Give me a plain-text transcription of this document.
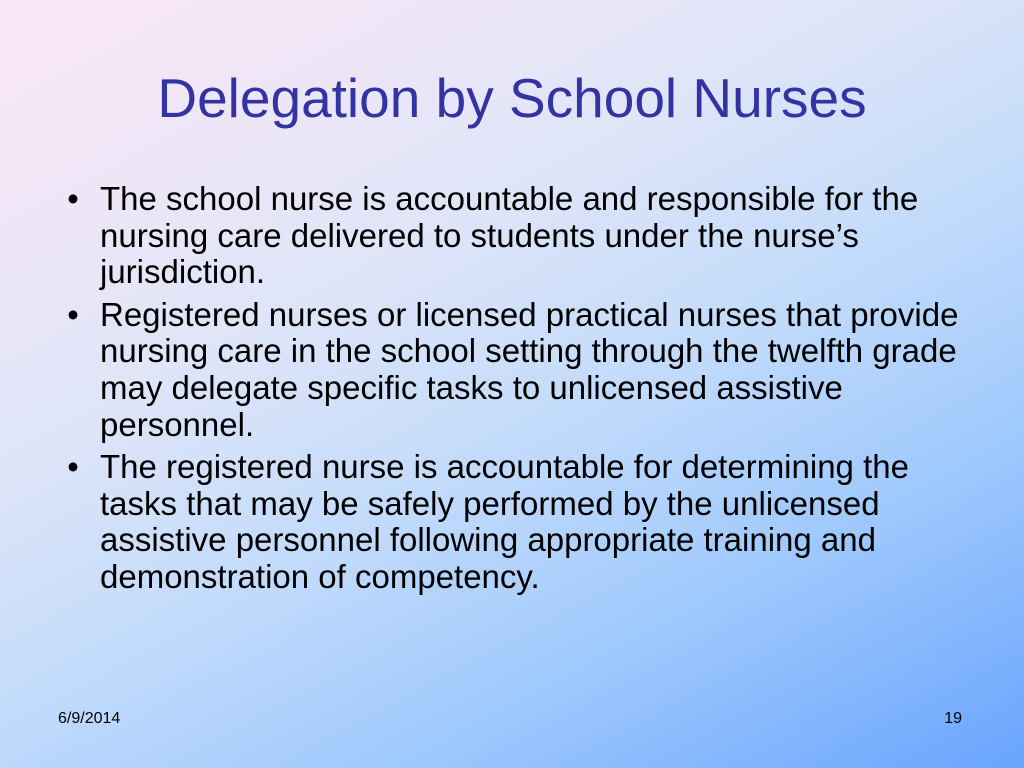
Delegation by School Nurses
• The school nurse is accountable and responsible for the nursing care delivered to students under the nurse’s jurisdiction.
• Registered nurses or licensed practical nurses that provide nursing care in the school setting through the twelfth grade may delegate specific tasks to unlicensed assistive personnel.
• The registered nurse is accountable for determining the tasks that may be safely performed by the unlicensed assistive personnel following appropriate training and demonstration of competency.
6/9/2014	19
